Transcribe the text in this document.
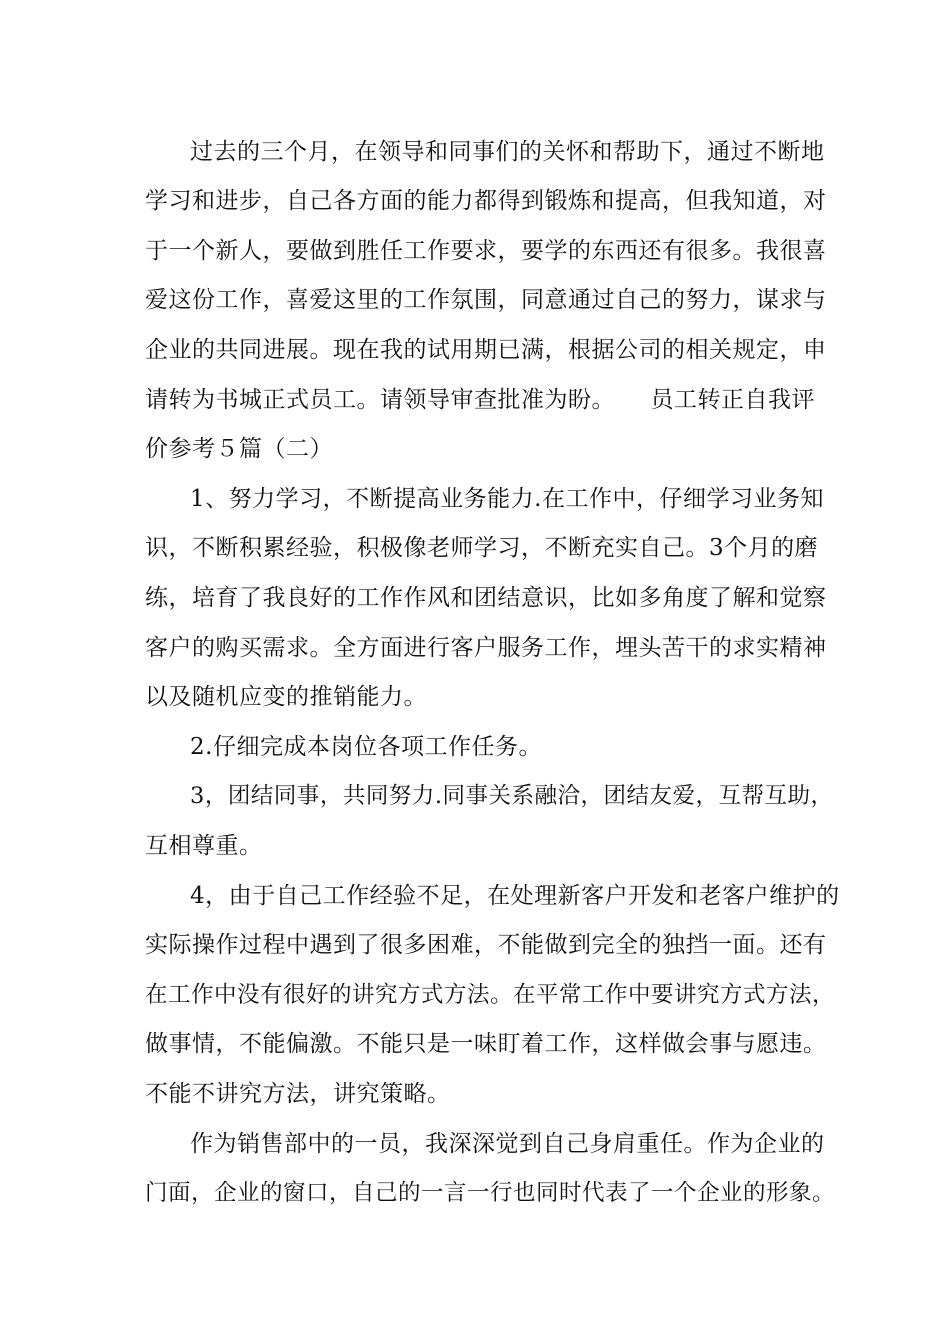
过去的三个月，在领导和同事们的关怀和帮助下，通过不断地
学习和进步，自己各方面的能力都得到锻炼和提高，但我知道，对
于一个新人，要做到胜任工作要求，要学的东西还有很多。我很喜
爱这份工作，喜爱这里的工作氛围，同意通过自己的努力，谋求与
企业的共同进展。现在我的试用期已满，根据公司的相关规定，申
请转为书城正式员工。请领导审查批准为盼。　　员工转正自我评
价参考５篇（二）
1、努力学习，不断提高业务能力.在工作中，仔细学习业务知
识，不断积累经验，积极像老师学习，不断充实自己。3个月的磨
练，培育了我良好的工作作风和团结意识，比如多角度了解和觉察
客户的购买需求。全方面进行客户服务工作，埋头苦干的求实精神
以及随机应变的推销能力。
2.仔细完成本岗位各项工作任务。
3，团结同事，共同努力.同事关系融洽，团结友爱，互帮互助，
互相尊重。
4，由于自己工作经验不足，在处理新客户开发和老客户维护的
实际操作过程中遇到了很多困难，不能做到完全的独挡一面。还有
在工作中没有很好的讲究方式方法。在平常工作中要讲究方式方法，
做事情，不能偏激。不能只是一味盯着工作，这样做会事与愿违。
不能不讲究方法，讲究策略。
作为销售部中的一员，我深深觉到自己身肩重任。作为企业的
门面，企业的窗口，自己的一言一行也同时代表了一个企业的形象。
